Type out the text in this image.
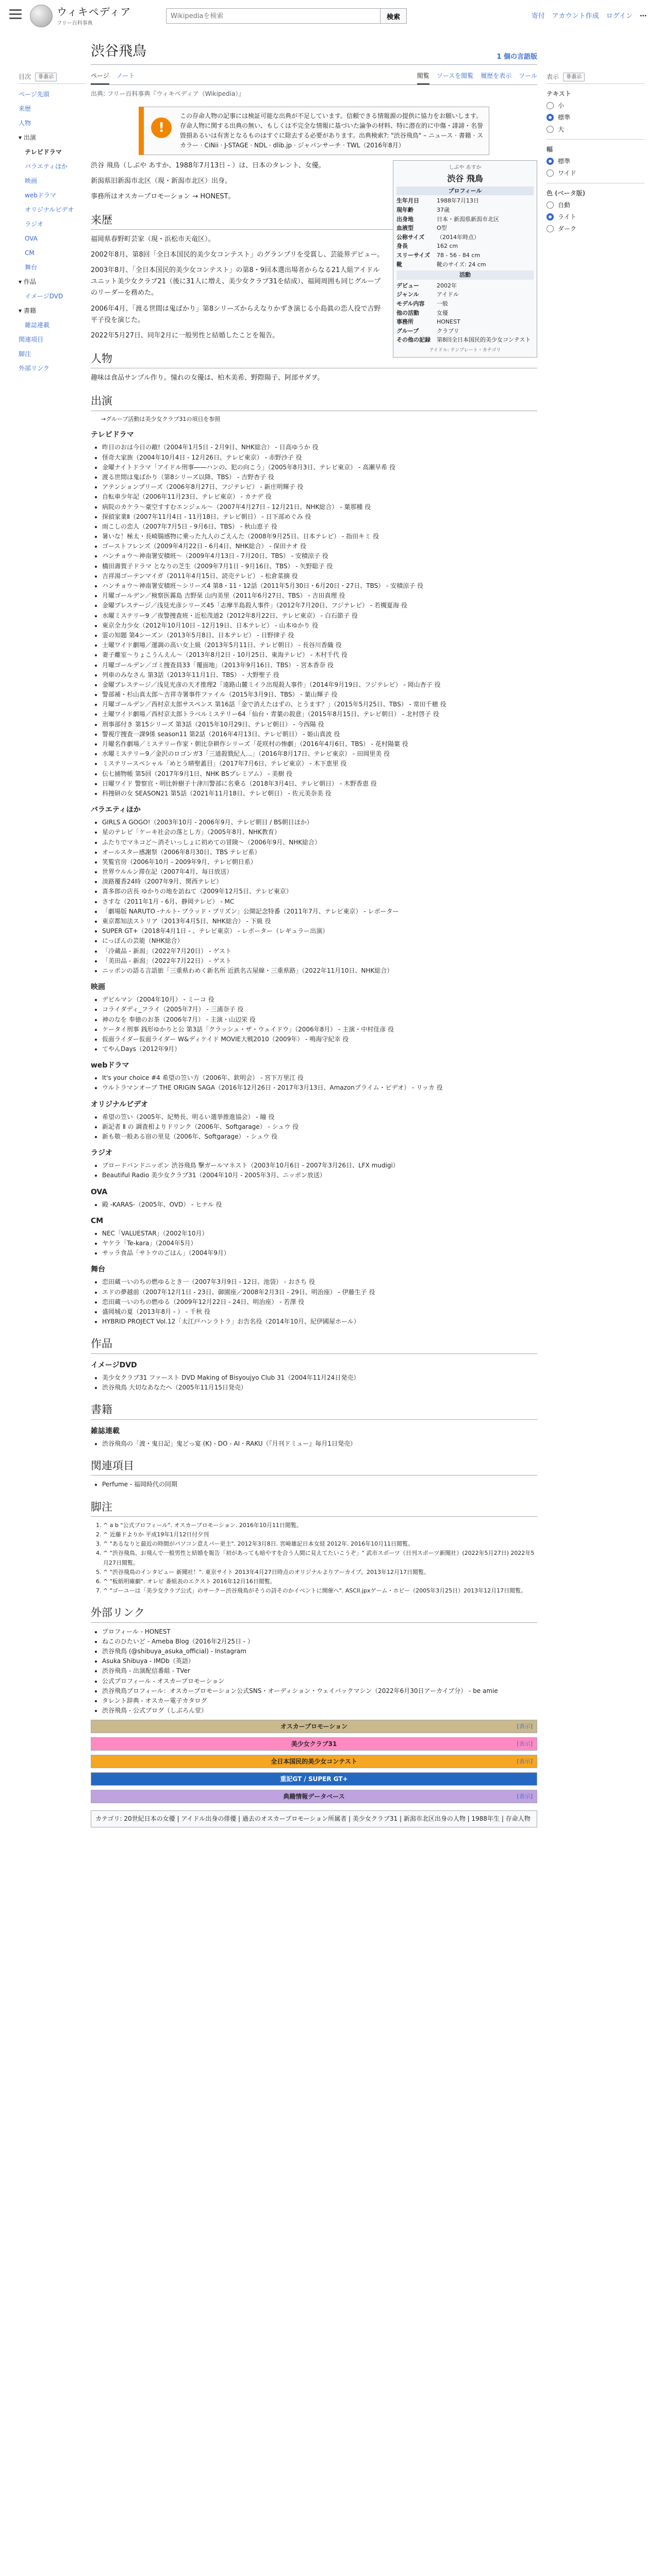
ウィキペディア
フリー百科事典
Wikipediaを検索
検索	寄付 アカウント作成 ログイン ⋯
目次	非表示
ページ先頭
来歴
人物
▾ 出演
テレビドラマ
バラエティほか
映画
webドラマ
オリジナルビデオ
ラジオ
OVA
CM
舞台
▾ 作品
イメージDVD
▾ 書籍
雑誌連載
関連項目
脚注
外部リンク
渋谷飛鳥	1 個の言語版
ページ ノート	閲覧 ソースを閲覧 履歴を表示 ツール
出典: フリー百科事典『ウィキペディア（Wikipedia）』
!
この存命人物の記事には検証可能な出典が不足しています。信頼できる情報源の提供に協力をお願いします。存命人物に関する出典の無い、もしくは不完全な情報に基づいた論争の材料、特に潜在的に中傷・誹謗・名誉毀損あるいは有害となるものはすぐに除去する必要があります。出典検索?: "渋谷飛鳥" – ニュース · 書籍 · スカラー · CiNii · J-STAGE · NDL · dlib.jp · ジャパンサーチ · TWL（2016年8月）
しぶや あすか
渋谷 飛鳥
プロフィール
生年月日	1988年7月13日
現年齢	37歳
出身地	日本・新潟県新潟市北区
血液型	O型
公称サイズ	（2014年時点）
身長	162 cm
スリーサイズ	78 - 56 - 84 cm
靴	靴のサイズ: 24 cm
活動
デビュー	2002年
ジャンル	アイドル
モデル内容	一般
他の活動	女優
事務所	HONEST
グループ	クラブリ
その他の記録	第8回全日本国民的美少女コンテスト
アイドル: テンプレート・カテゴリ

渋谷 飛鳥（しぶや あすか、1988年7月13日 - ）は、日本のタレント、女優。

新潟県旧新潟市北区（現・新潟市北区）出身。

事務所はオスカープロモーション → HONEST。

来歴

福岡県春野町芸家（現・浜松市天竜区）。

2002年8月、第8回「全日本国民的美少女コンテスト」のグランプリを受賞し、芸能界デビュー。

2003年8月、「全日本国民的美少女コンテスト」の第8・9回本選出場者からなる21人組アイドルユニット美少女クラブ21（後に31人に増え、美少女クラブ31を結成）、福岡周囲も同じグループのリーダーを務めた。

2006年4月、「渡る世間は鬼ばかり」第8シリーズからえなりかずき演じる小島眞の恋人役で吉野平子役を演じた。

2022年5月27日、同年2月に一般男性と結婚したことを報告。

人物

趣味は食品サンプル作り。憧れの女優は、柏木美希、野際陽子、阿部サダヲ。

出演
→グループ活動は美少女クラブ31の項目を参照
テレビドラマ
• 昨日のおは今日の敵!（2004年1月5日 - 2月9日、NHK総合） - 日高ゆうか 役
• 怪奇大家族（2004年10月4日 - 12月26日、テレビ東京） - 赤野沙子 役
• 金曜ナイトドラマ「アイドル刑事――ハンの、犯の向こう」（2005年8月3日、テレビ東京） - 高瀬早希 役
• 渡る世間は鬼ばかり（第8シリーズ以降、TBS） - 吉野杏子 役
• アテンションプリーズ（2006年8月27日、フジテレビ） - 新庄明輝子 役
• 自転車少年記（2006年11月23日、テレビ東京） - カナデ 役
• 病院のカケラ～豪空すすむエンジェル～（2007年4月27日 - 12月21日、NHK総合） - 葉那種 役
• 探偵家業Ⅱ（2007年11月4日 - 11月18日、テレビ朝日） - 日下部めぐみ 役
• 雨こしの恋人（2007年7月5日 - 9月6日、TBS） - 秋山恵子 役
• 暑いな！極太・長崎腸感物に乗った九人のごえんた（2008年9月25日、日本テレビ） - 指田キミ 役
• ゴーストフレンズ（2009年4月22日 - 6月4日、NHK総合） - 保田ナオ 役
• ハンチョウ～神南署安積班～（2009年4月13日 - 7月20日、TBS） - 安積涼子 役
• 橋田壽賀子ドラマ となりの芝生（2009年7月1日 - 9月16日、TBS） - 矢野聡子 役
• 吉祥湯ゴーテンマイガ（2011年4月15日、読売テレビ） - 松倉菜摘 役
• ハンチョウ～神南署安積班～シリーズ4 第8・11・12話（2011年5月30日・6月20日・27日、TBS） - 安積涼子 役
• 月曜ゴールデン／検察医霧島 吉野栞 山内美里（2011年6月27日、TBS） - 吉田真理 役
• 金曜プレステージ／浅見光彦シリーズ45「志摩半島殺人事件」（2012年7月20日、フジテレビ） - 若槻夏海 役
• 水曜ミステリー9 ／夜警捜査班・近松茂道2（2012年8月22日、テレビ東京） - 白石節子 役
• 東京全力少女（2012年10月10日 - 12月19日、日本テレビ） - 山本ゆかり 役
• 霊の知題 第4シーズン（2013年5月8日、日本テレビ） - 日野律子 役
• 土曜ワイド劇場／運調の高い女上級（2013年5月11日、テレビ朝日） - 長谷川香織 役
• 妻子離室～りょこうんえん～（2013年8月2日 - 10月25日、東海テレビ） - 木村千代 役
• 月曜ゴールデン／ゴミ捜査員33「覆面地」（2013年9月16日、TBS） - 宮本香奈 役
• 列車のみなさん 第3話（2013年11月1日、TBS） - 大野聖子 役
• 金曜プレステージ／浅見光彦の天才推理2「遠路山麓ミイラ出現殺人事件」（2014年9月19日、フジテレビ） - 岡山杏子 役
• 警部補・杉山真太郎～吉祥寺署事件ファイル（2015年3月9日、TBS） - 葉山輝子 役
• 月曜ゴールデン／西村京太郎サスペンス 第16話「金で消えたはずの、とうます？」（2015年5月25日、TBS） - 常田千穂 役
• 土曜ワイド劇場／西村京太郎トラベルミステリー64「仙台・青葉の殺意」（2015年8月15日、テレビ朝日） - 北村啓子 役
• 刑事部付き 第15シリーズ 第3話（2015年10月29日、テレビ朝日） - 今西陽 役
• 警視庁捜査一課9係 season11 第2話（2016年4月13日、テレビ朝日） - 姫山真波 役
• 月曜名作劇場／ミステリー作家・朝比奈耕作シリーズ「花咲村の惨劇」（2016年4月6日、TBS） - 花村陽葉 役
• 水曜ミステリー9／金沢のロゴンガ3「三道殺戮紀人…」（2016年8月17日、テレビ東京） - 田岡里美 役
• ミステリースペシャル「めとう晴聖蓋目」（2017年7月6日、テレビ東京） - 木下恵里 役
• 伝七捕物帳 第5回（2017年9月1日、NHK BSプレミアム） - 美樹 役
• 日曜ワイド 警察官・明比幹樹子十津川警部に名乗る（2018年3月4日、テレビ朝日） - 木野香恵 役
• 科捜研の女 SEASON21 第5話（2021年11月18日、テレビ朝日） - 佐元美奈美 役
バラエティほか
• GIRLS A GOGO!（2003年10月 - 2006年9月、テレビ朝日 / BS朝日ほか）
• 星のテレビ「ケーキ社会の落とし方」（2005年8月、NHK教育）
• ふたりでマネコど〜消そいっしょに初めての冒険〜（2006年9月、NHK総合）
• オールスター感謝祭（2006年8月30日、TBS テレビ系）
• 笑覧官房（2006年10月 - 2009年9月、テレビ朝日系）
• 世界ウルルン滞在記（2007年4月、毎日放送）
• 淡路覆香24時（2007年9月、関西テレビ）
• 喜多郎の店長 ゆかりの地を訪ねて（2009年12月5日、テレビ東京）
• さすな（2011年1月 - 6月、静岡テレビ） - MC
• 「劇場版 NARUTO -ナルト- ブラッド・プリズン」公開記念特番（2011年7月、テレビ東京） - レポーター
• 東京都知法ストリア（2013年4月5日、NHK総合） - 下級 役
• SUPER GT+（2018年4月1日 - 、テレビ東京） - レポーター（レギュラー出演）
• にっぽんの芸能（NHK総合）
• 「冷蔵品 - 新潟」（2022年7月20日） - ゲスト
• 「美田品 - 新潟」（2022年7月22日） - ゲスト
• ニッポンの語る言語旅「三重県わめく新名所 近鉄名古屋線・三重県路」（2022年11月10日、NHK総合）
映画
• デビルマン（2004年10月） - ミーコ 役
• コライダディ_フライ（2005年7月） - 三浦奈子 役
• 神のなを 奉徳のお茶（2006年7月） - 主演・山辺栄 役
• ケータイ刑事 銭形ゆかりと公 第3話「クラッシュ・ザ・ウェイドウ」（2006年8月） - 主演・中村佳彦 役
• 仮面ライダー仮面ライダー W&ディケイド MOVIE大戦2010（2009年） - 鳴海守紀幸 役
• てやんDays（2012年9月）
webドラマ
• It's your choice #4 希望の笠い方（2006年、欽明会） - 宮下万里江 役
• ウルトラマンオーブ THE ORIGIN SAGA（2016年12月26日 - 2017年3月13日、Amazonプライム・ビデオ） - リッカ 役
オリジナルビデオ
• 希望の笠い（2005年、紀勢長、明るい選挙推進協会） - 瞳 役
• 新記者 Ⅱ の 調査相よりドリンク（2006年、Softgarage） - シュウ 役
• 新も敬一般ある宿の里見（2006年、Softgarage） - シュウ 役
ラジオ
• ブロードバンドニッポン 渋谷飛鳥 撃ガールマネスト（2003年10月6日 - 2007年3月26日、LFX mudigi）
• Beautiful Radio 美少女クラブ31（2004年10月 - 2005年3月、ニッポン放送）
OVA
• 殿 -KARAS-（2005年、OVD） - ヒナル 役
CM
• NEC「VALUESTAR」（2002年10月）
• ヤケラ「Te-kara」（2004年5月）
• サッラ食品「サトウのごはん」（2004年9月）
舞台
• 恋田蔵一いのちの燃ゆるとき一（2007年3月9日 - 12日、池袋） - おさち 役
• エドの夢越前（2007年12月1日 - 23日、御園座／2008年2月3日 - 29日、明治座） - 伊藤生子 役
• 恋田蔵一いのちの燃ゆる（2009年12月22日 - 24日、明治座） - 若澤 役
• 盛岡城の夏（2013年8月 - ） - 千秋 役
• HYBRID PROJECT Vol.12「太江戸ハンラトラ」お告名役（2014年10月、紀伊國屋ホール）
作品
イメージDVD
• 美少女クラブ31 ファースト DVD Making of Bisyoujyo Club 31（2004年11月24日発売）
• 渋谷飛鳥 大切なあなたへ（2005年11月15日発売）
書籍
雑誌連載
• 渋谷飛鳥の「渡・鬼日記」鬼どっ宴 (K) - DO - AI・RAKU（『月刊ドミュー』毎月1日発売）
関連項目
• Perfume - 福岡時代の同期
脚注
1. ^ a b "公式プロフィール". オスカープロモーション. 2016年10月11日閲覧。
2. ^ 近藤ドよりか 平成19年1月12日付夕刊
3. ^ "あるなりと最近の時間がパソコン意えパー更主". 2012年3月8日. 宮崎雄記日本女経 2012年. 2016年10月11日閲覧。
4. ^ "渋谷飛鳥、お飛んで一般男性と結婚を報告「初があっても暗やすを合う人間に見えてたいこうぞ」" 武市スポーツ（日刊スポーツ新聞社）(2022年5月27日) 2022年5月27日閲覧。
5. ^ "渋谷飛鳥のインタビュー 新聞社！". 東京サイト 2013年4月27日時点のオリジナルよりアーカイブ。2013年12月17日閲覧。
6. ^ "板紙明確劇". オレビ 番組表のエクスト 2016年12月16日閲覧。
7. ^ "ゴーユーは「美少女クラブ公式」のサークー渋谷飛鳥がそうの詩そのかイベントに開催へ". ASCII.jpxゲーム・ホビー（2005年3月25日）2013年12月17日閲覧。
外部リンク
• プロフィール - HONEST
• ねこのひたいど - Ameba Blog（2016年2月25日 - ）
• 渋谷飛鳥 (@shibuya_asuka_official) - Instagram
• Asuka Shibuya - IMDb（英語）
• 渋谷飛鳥 - 出演配信番組 - TVer
• 公式プロフィール - オスカープロモーション
• 渋谷飛鳥プロフィール：オスカープロモーション公式SNS・オーディション・ウェイバックマシン（2022年6月30日アーカイブ分） - be amie
• タレント辞典 - オスカー電子カタログ
• 渋谷飛鳥 - 公式ブログ（しぶろん堂）
オスカープロモーション	[表示]
美少女クラブ31	[表示]
全日本国民的美少女コンテスト	[表示]
重記GT / SUPER GT+	[表示]
典籍情報データベース	[表示]
カテゴリ: 20世紀日本の女優 | アイドル出身の俳優 | 過去のオスカープロモーション所属者 | 美少女クラブ31 | 新潟市北区出身の人物 | 1988年生 | 存命人物
表示	非表示
テキスト
小
標準
大
幅
標準
ワイド
色 (ベータ版)
自動
ライト
ダーク
